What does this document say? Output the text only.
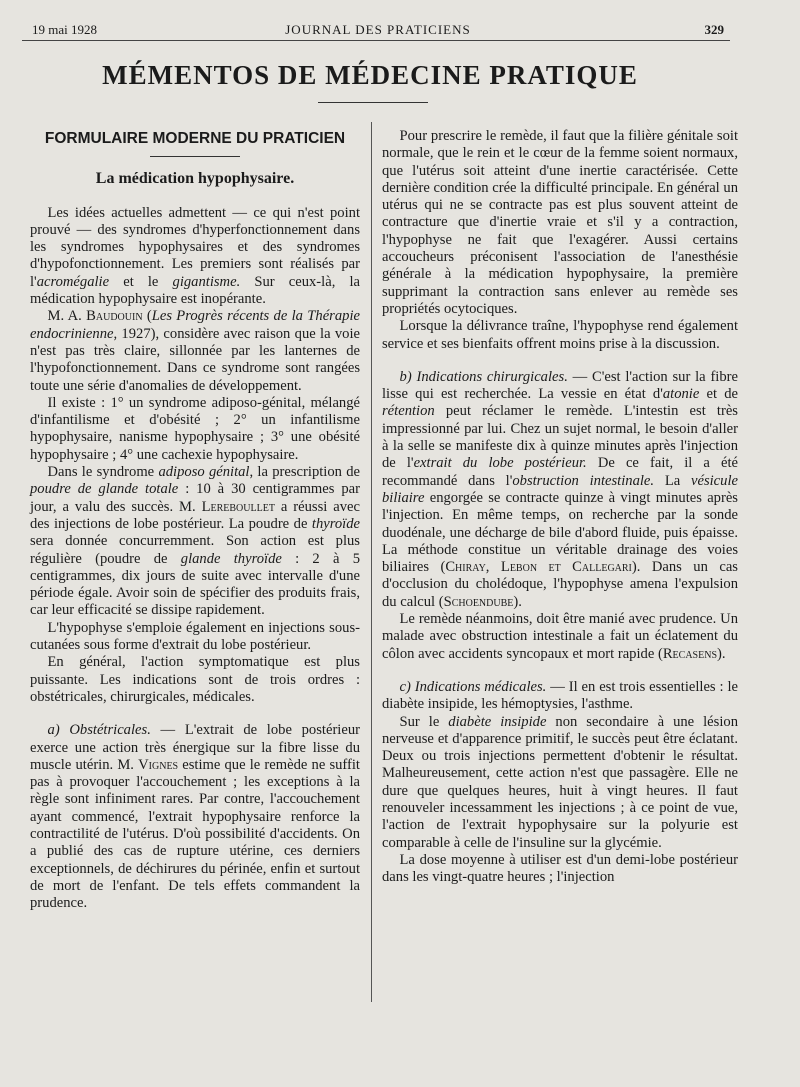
19 mai 1928	JOURNAL DES PRATICIENS	329
MÉMENTOS DE MÉDECINE PRATIQUE
FORMULAIRE MODERNE DU PRATICIEN
La médication hypophysaire.

Les idées actuelles admettent — ce qui n'est point prouvé — des syndromes d'hyperfonctionnement dans les syndromes hypophysaires et des syndromes d'hypofonctionnement. Les premiers sont réalisés par l'acromégalie et le gigantisme. Sur ceux-là, la médication hypophysaire est inopérante.

M. A. Baudouin (Les Progrès récents de la Thérapie endocrinienne, 1927), considère avec raison que la voie n'est pas très claire, sillonnée par les lanternes de l'hypofonctionnement. Dans ce syndrome sont rangées toute une série d'anomalies de développement.

Il existe : 1° un syndrome adiposo-génital, mélangé d'infantilisme et d'obésité ; 2° un infantilisme hypophysaire, nanisme hypophysaire ; 3° une obésité hypophysaire ; 4° une cachexie hypophysaire.

Dans le syndrome adiposo génital, la prescription de poudre de glande totale : 10 à 30 centigrammes par jour, a valu des succès. M. Lereboullet a réussi avec des injections de lobe postérieur. La poudre de thyroïde sera donnée concurremment. Son action est plus régulière (poudre de glande thyroïde : 2 à 5 centigrammes, dix jours de suite avec intervalle d'une période égale. Avoir soin de spécifier des produits frais, car leur efficacité se dissipe rapidement.

L'hypophyse s'emploie également en injections sous-cutanées sous forme d'extrait du lobe postérieur.

En général, l'action symptomatique est plus puissante. Les indications sont de trois ordres : obstétricales, chirurgicales, médicales.

a) Obstétricales. — L'extrait de lobe postérieur exerce une action très énergique sur la fibre lisse du muscle utérin. M. Vignes estime que le remède ne suffit pas à provoquer l'accouchement ; les exceptions à la règle sont infiniment rares. Par contre, l'accouchement ayant commencé, l'extrait hypophysaire renforce la contractilité de l'utérus. D'où possibilité d'accidents. On a publié des cas de rupture utérine, ces derniers exceptionnels, de déchirures du périnée, enfin et surtout de mort de l'enfant. De tels effets commandent la prudence.

Pour prescrire le remède, il faut que la filière génitale soit normale, que le rein et le cœur de la femme soient normaux, que l'utérus soit atteint d'une inertie caractérisée. Cette dernière condition crée la difficulté principale. En général un utérus qui ne se contracte pas est plus souvent atteint de contracture que d'inertie vraie et s'il y a contraction, l'hypophyse ne fait que l'exagérer. Aussi certains accoucheurs préconisent l'association de l'anesthésie générale à la médication hypophysaire, la première supprimant la contraction sans enlever au remède ses propriétés ocytociques.

Lorsque la délivrance traîne, l'hypophyse rend également service et ses bienfaits offrent moins prise à la discussion.

b) Indications chirurgicales. — C'est l'action sur la fibre lisse qui est recherchée. La vessie en état d'atonie et de rétention peut réclamer le remède. L'intestin est très impressionné par lui. Chez un sujet normal, le besoin d'aller à la selle se manifeste dix à quinze minutes après l'injection de l'extrait du lobe postérieur. De ce fait, il a été recommandé dans l'obstruction intestinale. La vésicule biliaire engorgée se contracte quinze à vingt minutes après l'injection. En même temps, on recherche par la sonde duodénale, une décharge de bile d'abord fluide, puis épaisse. La méthode constitue un véritable drainage des voies biliaires (Chiray, Lebon et Callegari). Dans un cas d'occlusion du cholédoque, l'hypophyse amena l'expulsion du calcul (Schoendube).

Le remède néanmoins, doit être manié avec prudence. Un malade avec obstruction intestinale a fait un éclatement du côlon avec accidents syncopaux et mort rapide (Recasens).

c) Indications médicales. — Il en est trois essentielles : le diabète insipide, les hémoptysies, l'asthme.

Sur le diabète insipide non secondaire à une lésion nerveuse et d'apparence primitif, le succès peut être éclatant. Deux ou trois injections permettent d'obtenir le résultat. Malheureusement, cette action n'est que passagère. Elle ne dure que quelques heures, huit à vingt heures. Il faut renouveler incessamment les injections ; à ce point de vue, l'action de l'extrait hypophysaire sur la polyurie est comparable à celle de l'insuline sur la glycémie.

La dose moyenne à utiliser est d'un demi-lobe postérieur dans les vingt-quatre heures ; l'injection
